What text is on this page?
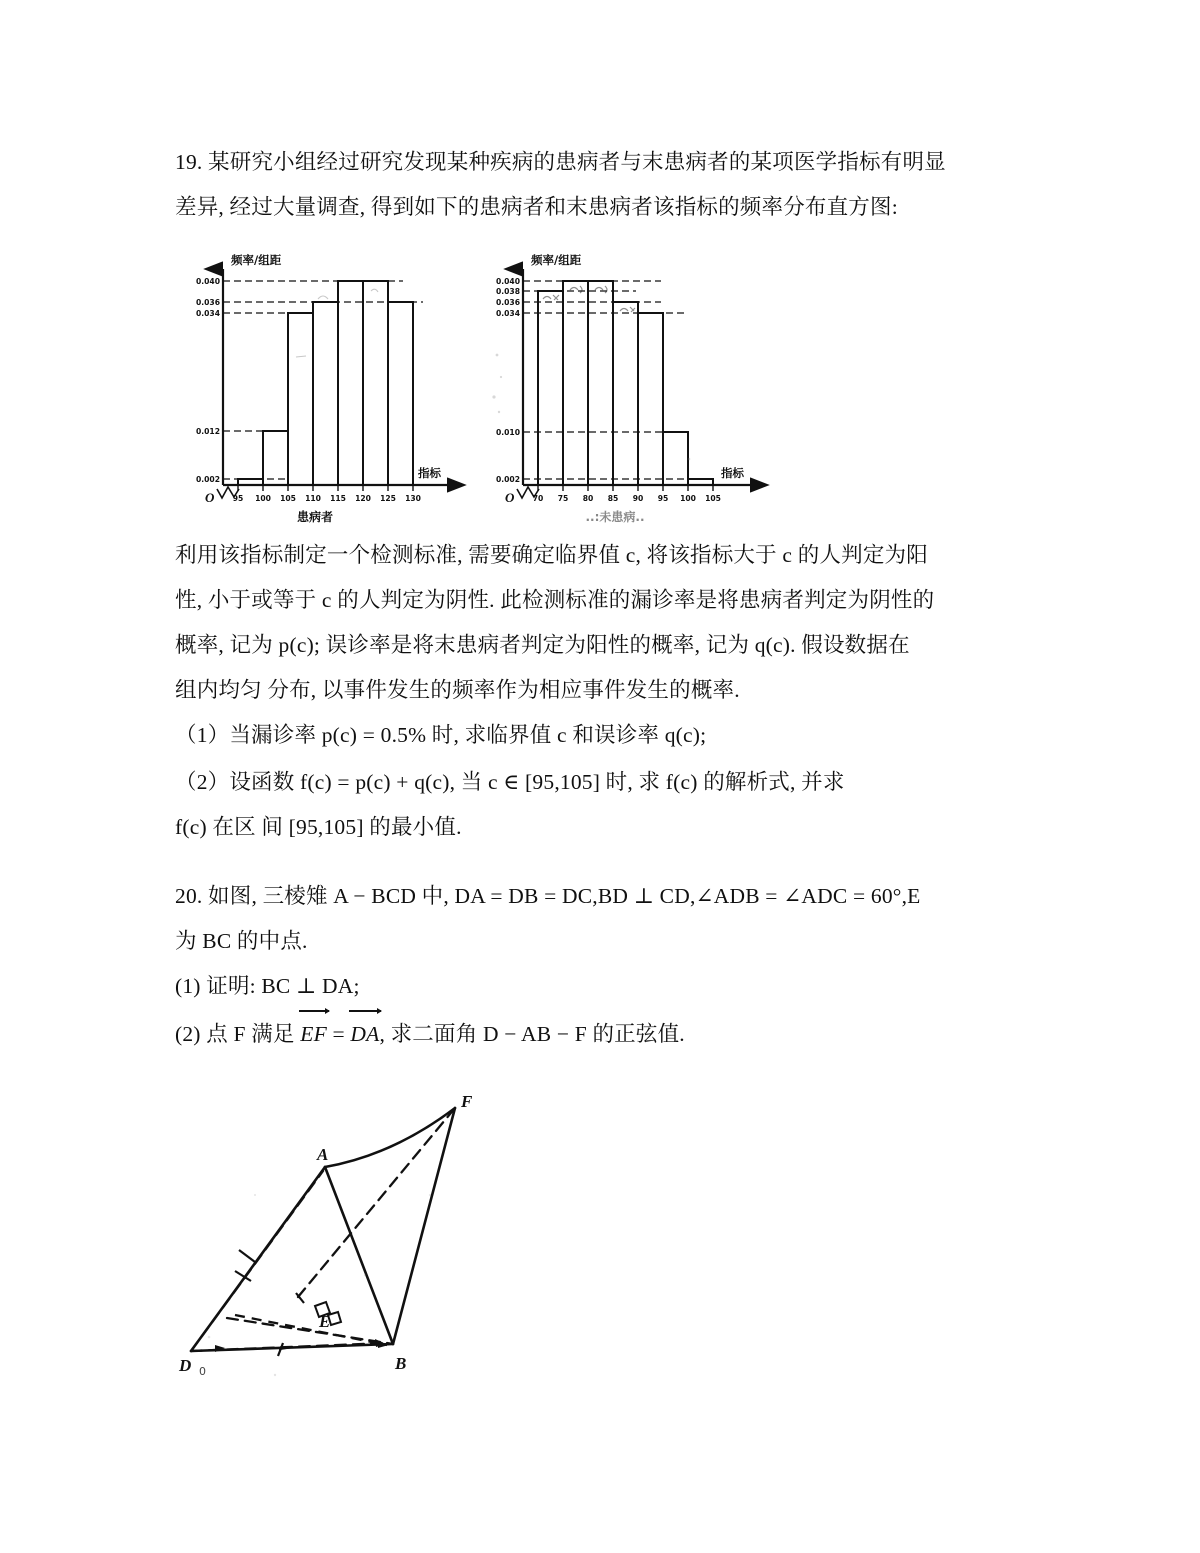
19. 某研究小组经过研究发现某种疾病的患病者与末患病者的某项医学指标有明显
差异, 经过大量调查, 得到如下的患病者和末患病者该指标的频率分布直方图:
频率/组距
指标
O
0.040
0.036
0.034
0.012
0.002
95 100 105 110 115 120 125 130
患病者
频率/组距
指标
O
0.040
0.038
0.036
0.034
0.010
0.002
70 75 80 85 90 95 100 105
..:未患病..
利用该指标制定一个检测标准, 需要确定临界值 c, 将该指标大于 c 的人判定为阳
性, 小于或等于 c 的人判定为阴性. 此检测标准的漏诊率是将患病者判定为阴性的
概率, 记为 p(c); 误诊率是将末患病者判定为阳性的概率, 记为 q(c). 假设数据在
组内均匀 分布, 以事件发生的频率作为相应事件发生的概率.
（1）当漏诊率 p(c) = 0.5% 时, 求临界值 c 和误诊率 q(c);
（2）设函数 f(c) = p(c) + q(c), 当 c ∈ [95,105] 时, 求 f(c) 的解析式, 并求
f(c) 在区 间 [95,105] 的最小值.
20. 如图, 三棱雉 A − BCD 中, DA = DB = DC,BD ⊥ CD,∠ADB = ∠ADC = 60°,E
为 BC 的中点.
(1) 证明: BC ⊥ DA;
(2) 点 F 满足
EF =
DA, 求二面角 D − AB − F 的正弦值.
D	B
A
F
E
0
